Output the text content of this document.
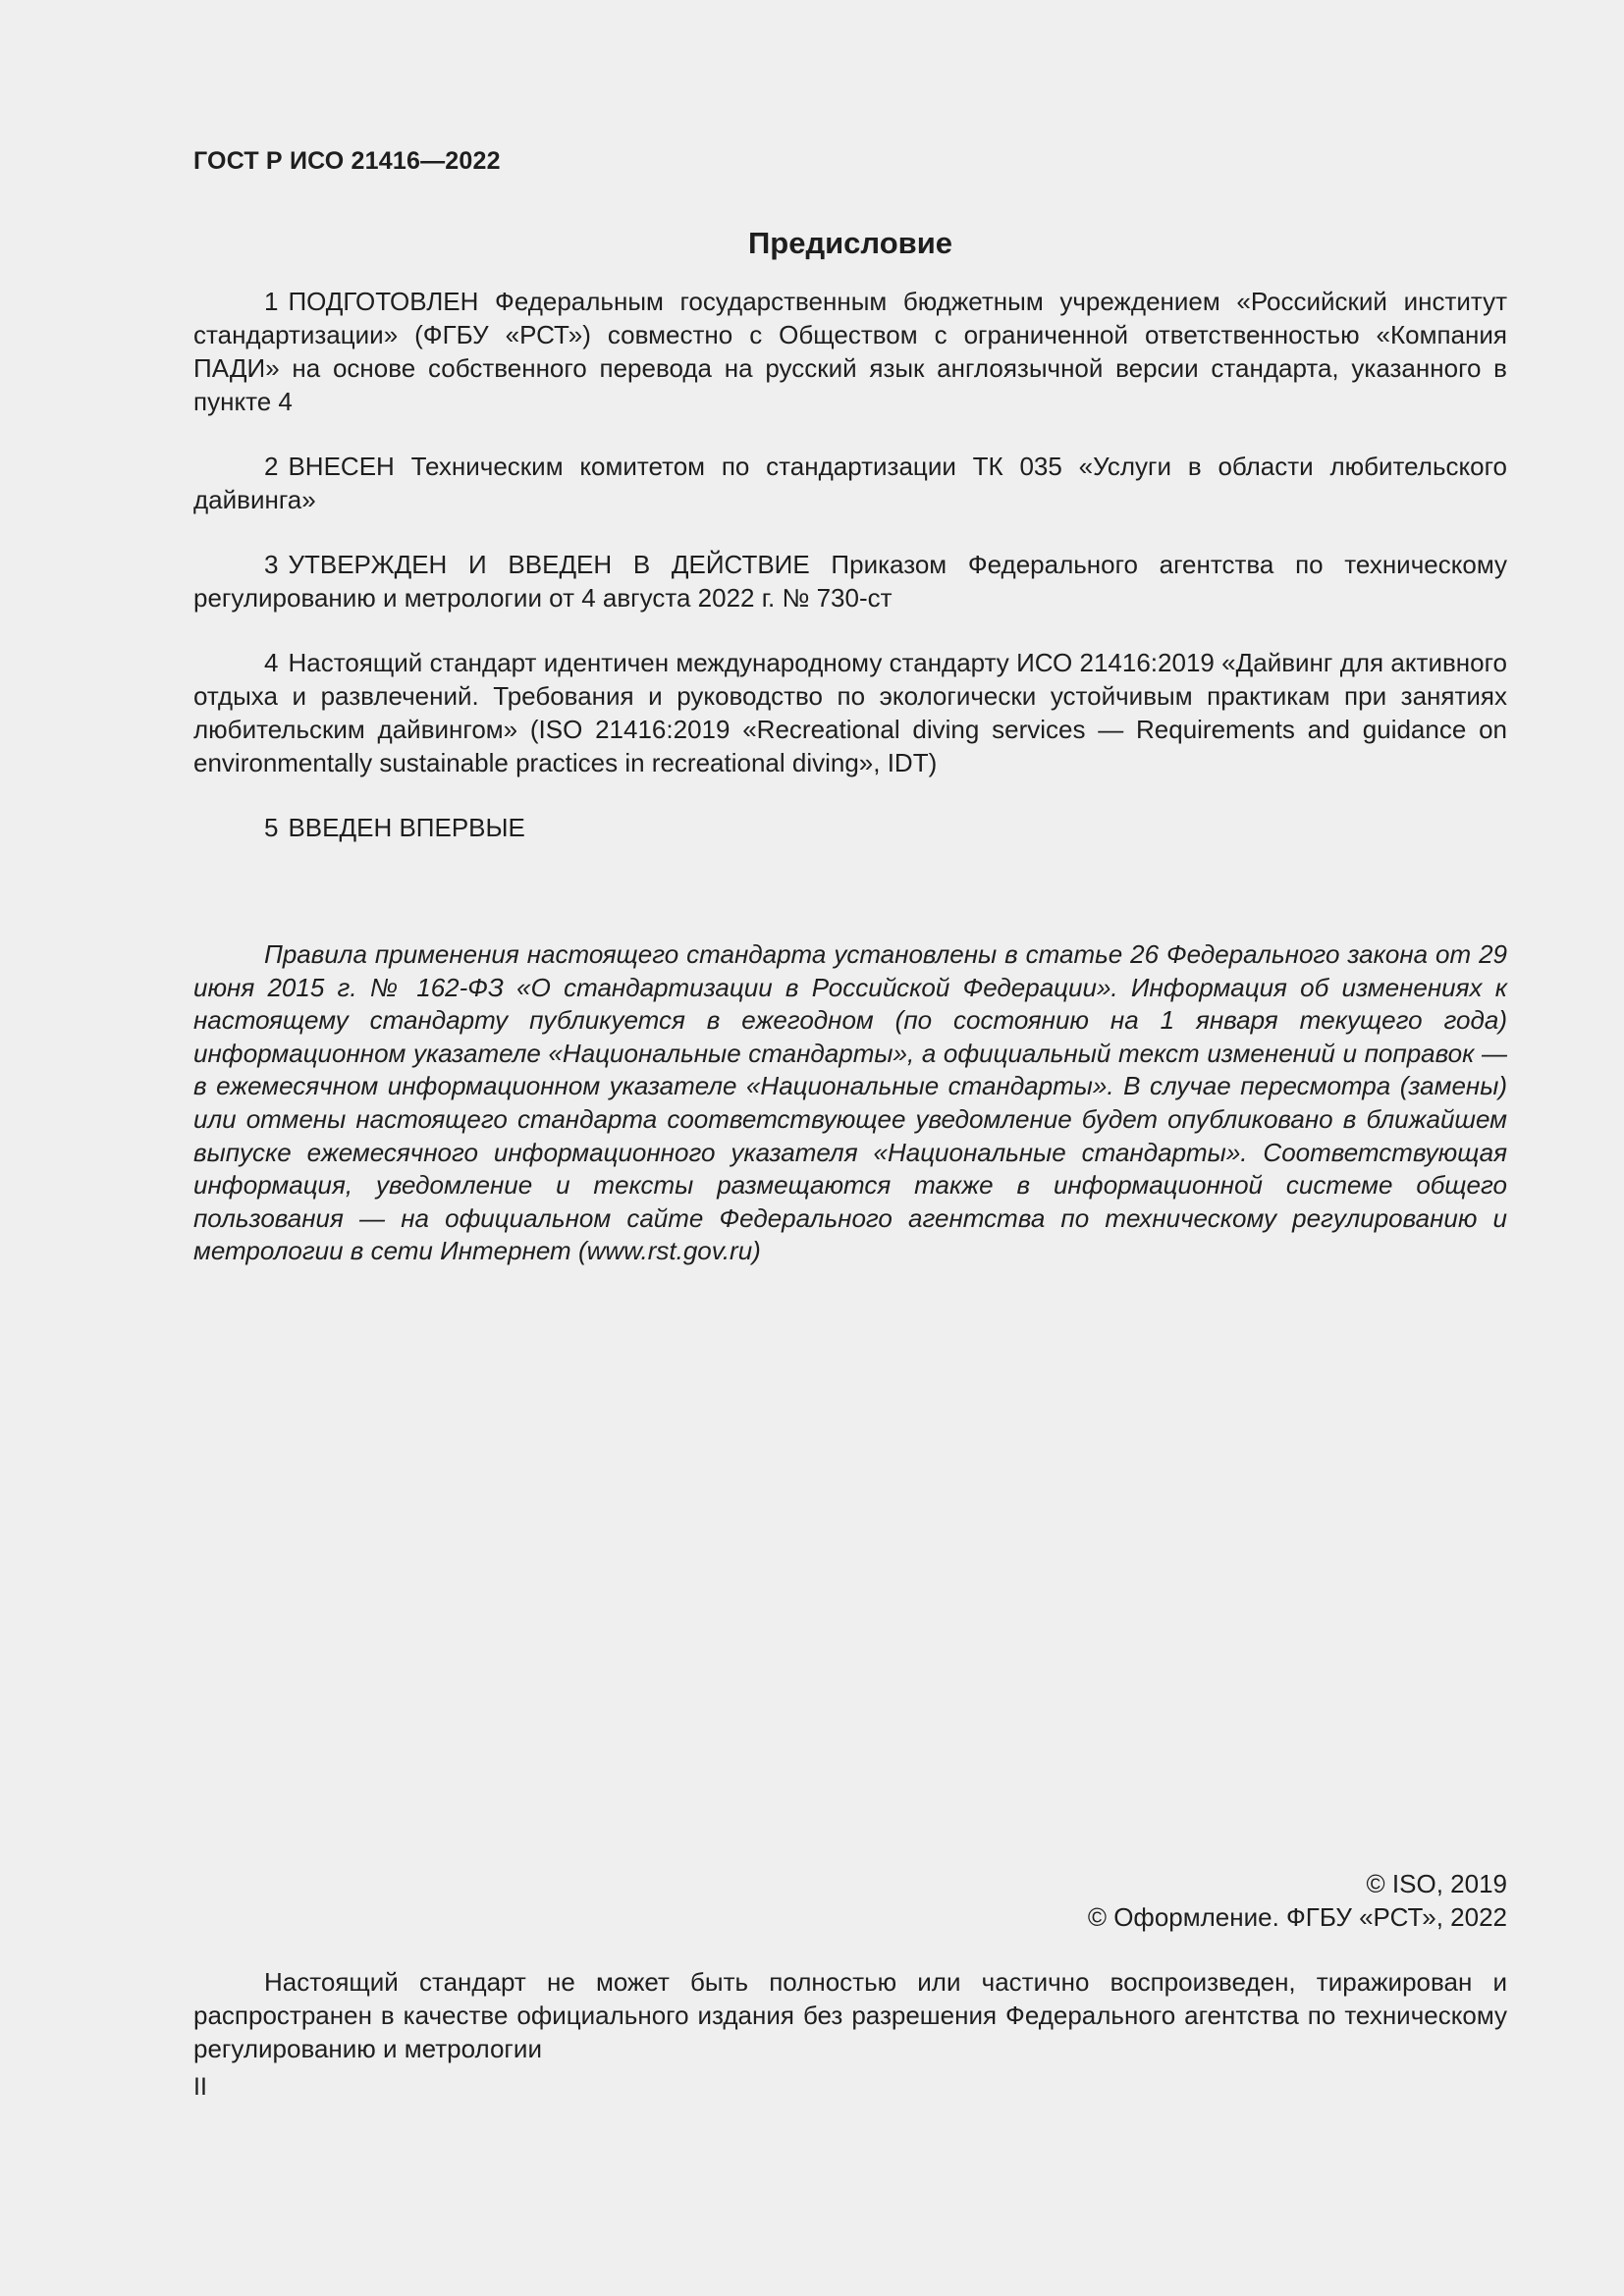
ГОСТ Р ИСО 21416—2022
Предисловие

1 ПОДГОТОВЛЕН Федеральным государственным бюджетным учреждением «Российский институт стандартизации» (ФГБУ «РСТ») совместно с Обществом с ограниченной ответственностью «Компания ПАДИ» на основе собственного перевода на русский язык англоязычной версии стандарта, указанного в пункте 4

2 ВНЕСЕН Техническим комитетом по стандартизации ТК 035 «Услуги в области любительского дайвинга»

3 УТВЕРЖДЕН И ВВЕДЕН В ДЕЙСТВИЕ Приказом Федерального агентства по техническому регулированию и метрологии от 4 августа 2022 г. № 730-ст

4 Настоящий стандарт идентичен международному стандарту ИСО 21416:2019 «Дайвинг для активного отдыха и развлечений. Требования и руководство по экологически устойчивым практикам при занятиях любительским дайвингом» (ISO 21416:2019 «Recreational diving services — Requirements and guidance on environmentally sustainable practices in recreational diving», IDT)

5 ВВЕДЕН ВПЕРВЫЕ

Правила применения настоящего стандарта установлены в статье 26 Федерального закона от 29 июня 2015 г. № 162-ФЗ «О стандартизации в Российской Федерации». Информация об изменениях к настоящему стандарту публикуется в ежегодном (по состоянию на 1 января текущего года) информационном указателе «Национальные стандарты», а официальный текст изменений и поправок — в ежемесячном информационном указателе «Национальные стандарты». В случае пересмотра (замены) или отмены настоящего стандарта соответствующее уведомление будет опубликовано в ближайшем выпуске ежемесячного информационного указателя «Национальные стандарты». Соответствующая информация, уведомление и тексты размещаются также в информационной системе общего пользования — на официальном сайте Федерального агентства по техническому регулированию и метрологии в сети Интернет (www.rst.gov.ru)

© ISO, 2019
© Оформление. ФГБУ «РСТ», 2022

Настоящий стандарт не может быть полностью или частично воспроизведен, тиражирован и распространен в качестве официального издания без разрешения Федерального агентства по техническому регулированию и метрологии

II
